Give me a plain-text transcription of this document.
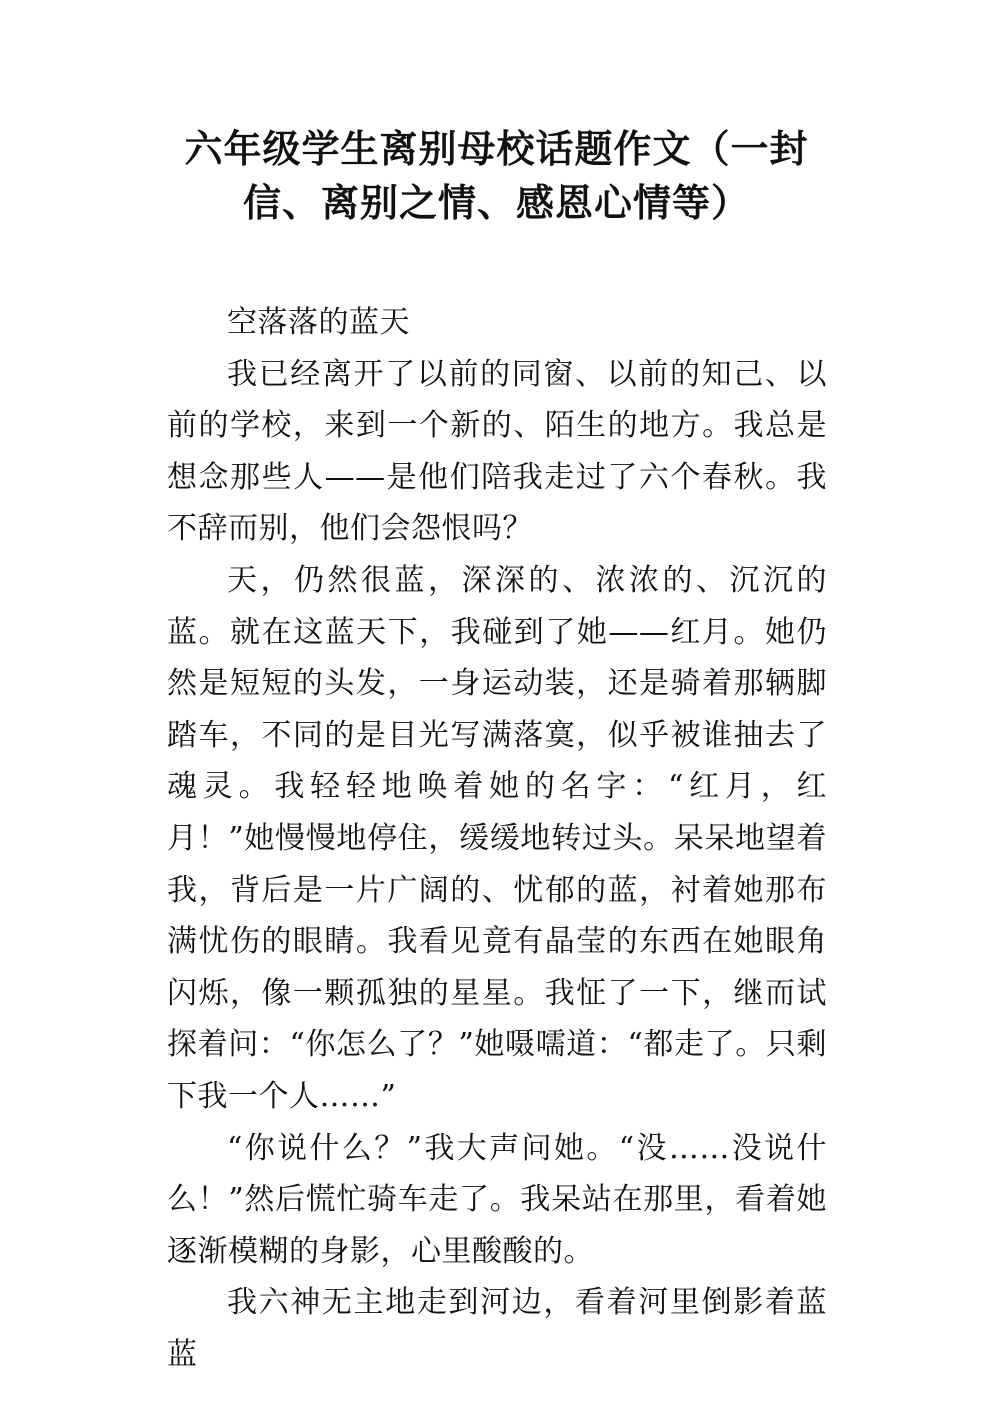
六年级学生离别母校话题作文（一封
信、离别之情、感恩心情等）

空落落的蓝天

我已经离开了以前的同窗、以前的知己、以前的学校，来到一个新的、陌生的地方。我总是想念那些人——是他们陪我走过了六个春秋。我不辞而别，他们会怨恨吗？

天，仍然很蓝，深深的、浓浓的、沉沉的蓝。就在这蓝天下，我碰到了她——红月。她仍然是短短的头发，一身运动装，还是骑着那辆脚踏车，不同的是目光写满落寞，似乎被谁抽去了魂灵。我轻轻地唤着她的名字：“红月，红月！”她慢慢地停住，缓缓地转过头。呆呆地望着我，背后是一片广阔的、忧郁的蓝，衬着她那布满忧伤的眼睛。我看见竟有晶莹的东西在她眼角闪烁，像一颗孤独的星星。我怔了一下，继而试探着问：“你怎么了？”她嗫嚅道：“都走了。只剩下我一个人……”

“你说什么？”我大声问她。“没……没说什么！”然后慌忙骑车走了。我呆站在那里，看着她逐渐模糊的身影，心里酸酸的。

我六神无主地走到河边，看着河里倒影着蓝蓝
